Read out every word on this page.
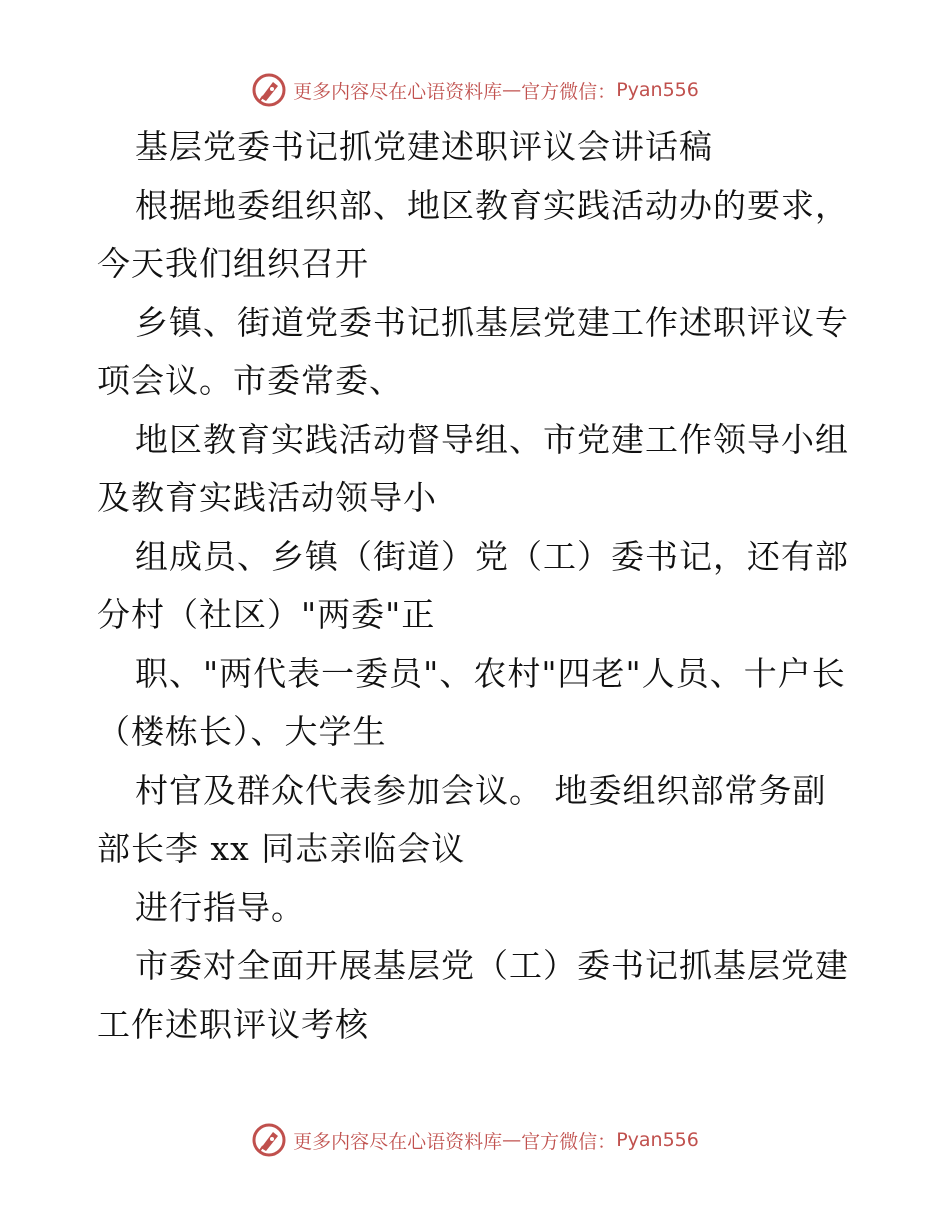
更多内容尽在心语资料库 — 官方微信： Pyan556
基层党委书记抓党建述职评议会讲话稿
根据地委组织部、地区教育实践活动办的要求，
今天我们组织召开
乡镇、街道党委书记抓基层党建工作述职评议专
项会议。市委常委、
地区教育实践活动督导组、市党建工作领导小组
及教育实践活动领导小
组成员、乡镇（街道）党（工）委书记，还有部
分村（社区）"两委"正
职、"两代表一委员"、农村"四老"人员、十户长
（楼栋长）、大学生
村官及群众代表参加会议。 地委组织部常务副
部长李 xx 同志亲临会议
进行指导。
市委对全面开展基层党（工）委书记抓基层党建
工作述职评议考核
更多内容尽在心语资料库 — 官方微信： Pyan556
